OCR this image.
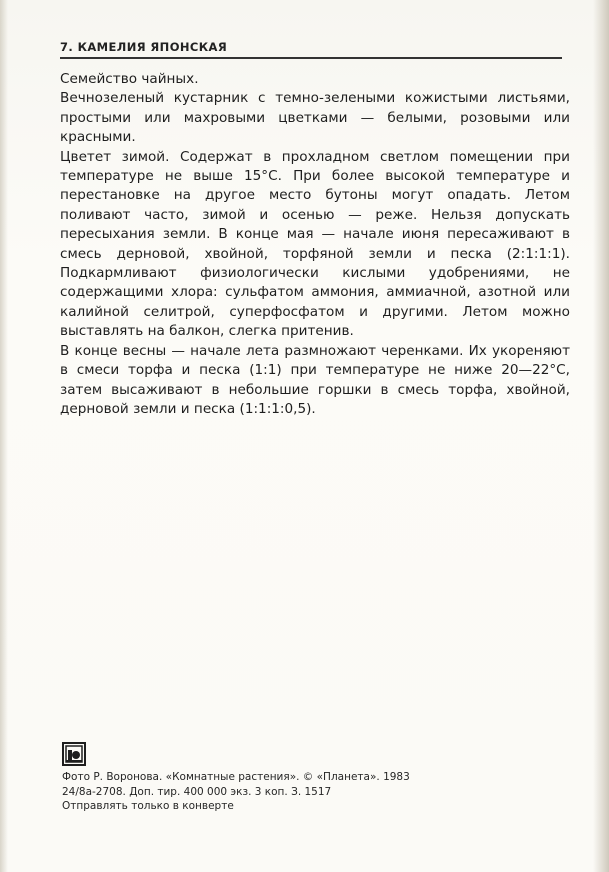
7. КАМЕЛИЯ ЯПОНСКАЯ

Семейство чайных.

Вечнозеленый кустарник с темно-зелеными кожистыми листьями, простыми или махровыми цветками — белыми, розовыми или красными.

Цветет зимой. Содержат в прохладном светлом помещении при температуре не выше 15°С. При более высокой температуре и перестановке на другое место бутоны могут опадать. Летом поливают часто, зимой и осенью — реже. Нельзя допускать пересыхания земли. В конце мая — начале июня пересаживают в смесь дерновой, хвойной, торфяной земли и песка (2:1:1:1). Подкармливают физиологически кислыми удобрениями, не содержащими хлора: сульфатом аммония, аммиачной, азотной или калийной селитрой, суперфосфатом и другими. Летом можно выставлять на балкон, слегка притенив.

В конце весны — начале лета размножают черенками. Их укореняют в смеси торфа и песка (1:1) при температуре не ниже 20—22°С, затем высаживают в небольшие горшки в смесь торфа, хвойной, дерновой земли и песка (1:1:1:0,5).

Фото Р. Воронова. «Комнатные растения». © «Планета». 1983
24/8а-2708. Доп. тир. 400 000 экз. 3 коп. З. 1517
Отправлять только в конверте
